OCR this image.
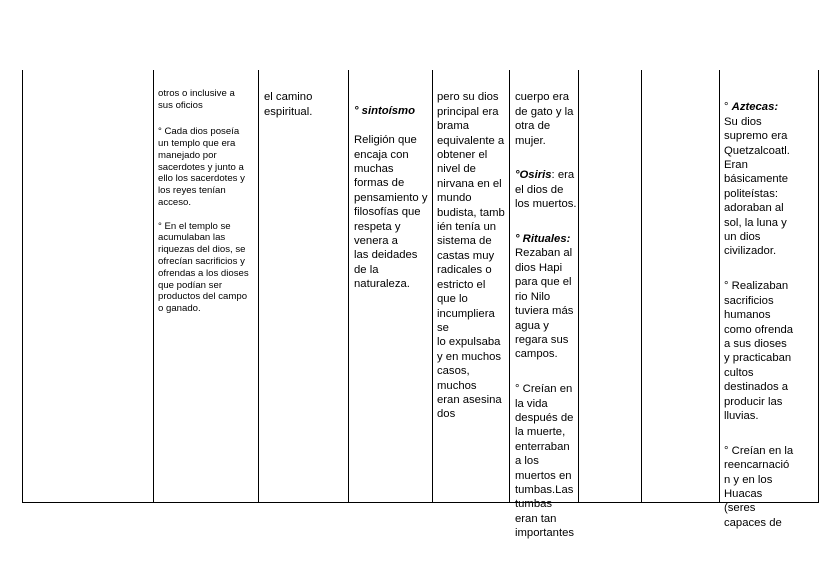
otros o inclusive a
sus oficios

° Cada dios poseía
un templo que era
manejado por
sacerdotes y junto a
ello los sacerdotes y
los reyes tenían
acceso.

° En el templo se
acumulaban las
riquezas del dios, se
ofrecían sacrificios y
ofrendas a los dioses
que podían ser
productos del campo
o ganado.

el camino
espiritual.	° sintoísmo

Religión que
encaja con
muchas
formas de
pensamiento y
filosofías que
respeta y
venera a
las deidades
de la
naturaleza.

pero su dios
principal era
brama
equivalente a
obtener el
nivel de
nirvana en el
mundo
budista, tamb
ién tenía un
sistema de
castas muy
radicales o
estricto el
que lo
incumpliera
se
lo expulsaba
y en muchos
casos,
muchos
eran asesina
dos

cuerpo era
de gato y la
otra de
mujer.

°Osiris: era
el dios de
los muertos.

° Rituales:
Rezaban al
dios Hapi
para que el
rio Nilo
tuviera más
agua y
regara sus
campos.

° Creían en
la vida
después de
la muerte,
enterraban
a los
muertos en
tumbas.Las
tumbas
eran tan
importantes

° Aztecas:
Su dios
supremo era
Quetzalcoatl.
Eran
básicamente
politeístas:
adoraban al
sol, la luna y
un dios
civilizador.

° Realizaban
sacrificios
humanos
como ofrenda
a sus dioses
y practicaban
cultos
destinados a
producir las
lluvias.

° Creían en la
reencarnació
n y en los
Huacas
(seres
capaces de
